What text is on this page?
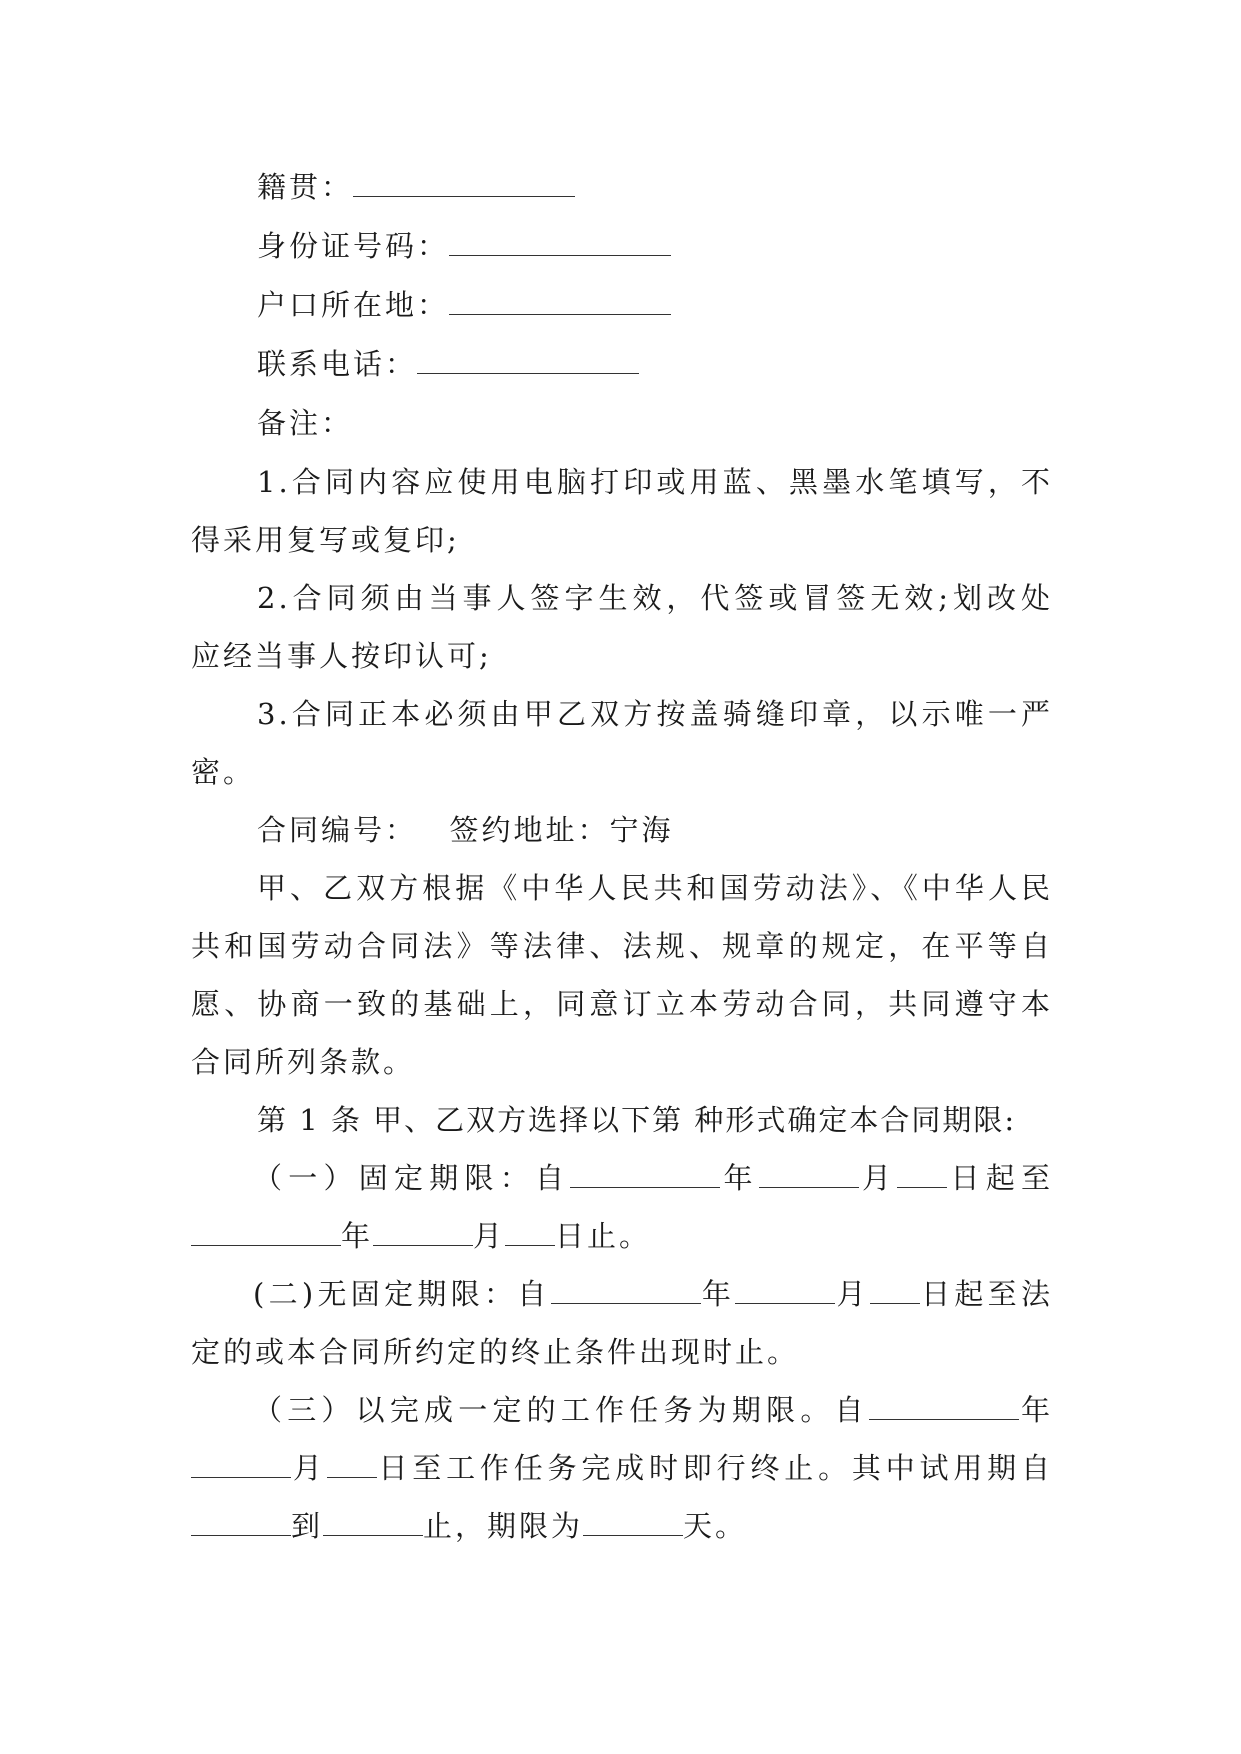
籍贯：
身份证号码：
户口所在地：
联系电话：
备注：
1.合同内容应使用电脑打印或用蓝、黑墨水笔填写，不
得采用复写或复印;
2.合同须由当事人签字生效，代签或冒签无效;划改处
应经当事人按印认可;
3.合同正本必须由甲乙双方按盖骑缝印章，以示唯一严
密。
合同编号： 签约地址：宁海
甲、乙双方根据《中华人民共和国劳动法》、《中华人民
共和国劳动合同法》等法律、法规、规章的规定，在平等自
愿、协商一致的基础上，同意订立本劳动合同，共同遵守本
合同所列条款。
第 1 条 甲、乙双方选择以下第 种形式确定本合同期限:
（一）固定期限：自	年	月 日起至
年	月 日止。
(二)无固定期限：自	年	月 日起至法
定的或本合同所约定的终止条件出现时止。
（三）以完成一定的工作任务为期限。自	年
月 日至工作任务完成时即行终止。其中试用期自
到	止，期限为	天。
